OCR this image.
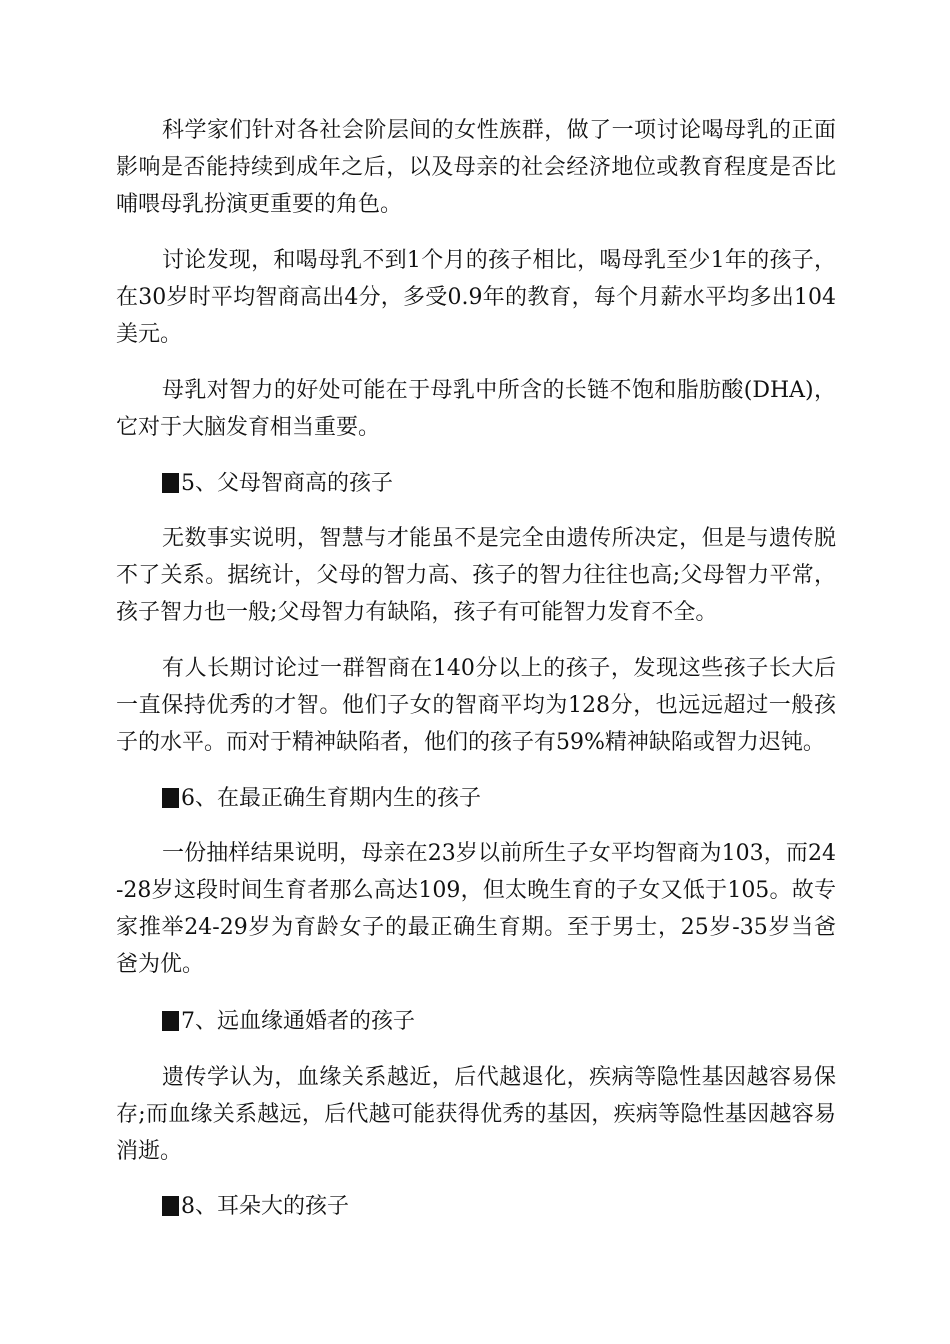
科学家们针对各社会阶层间的女性族群，做了一项讨论喝母乳的正面影响是否能持续到成年之后，以及母亲的社会经济地位或教育程度是否比哺喂母乳扮演更重要的角色。

讨论发现，和喝母乳不到1个月的孩子相比，喝母乳至少1年的孩子，在30岁时平均智商高出4分，多受0.9年的教育，每个月薪水平均多出104美元。

母乳对智力的好处可能在于母乳中所含的长链不饱和脂肪酸(DHA)，它对于大脑发育相当重要。

5、父母智商高的孩子

无数事实说明，智慧与才能虽不是完全由遗传所决定，但是与遗传脱不了关系。据统计，父母的智力高、孩子的智力往往也高;父母智力平常，孩子智力也一般;父母智力有缺陷，孩子有可能智力发育不全。

有人长期讨论过一群智商在140分以上的孩子，发现这些孩子长大后一直保持优秀的才智。他们子女的智商平均为128分，也远远超过一般孩子的水平。而对于精神缺陷者，他们的孩子有59%精神缺陷或智力迟钝。

6、在最正确生育期内生的孩子

一份抽样结果说明，母亲在23岁以前所生子女平均智商为103，而24-28岁这段时间生育者那么高达109，但太晚生育的子女又低于105。故专家推举24-29岁为育龄女子的最正确生育期。至于男士，25岁-35岁当爸爸为优。

7、远血缘通婚者的孩子

遗传学认为，血缘关系越近，后代越退化，疾病等隐性基因越容易保存;而血缘关系越远，后代越可能获得优秀的基因，疾病等隐性基因越容易消逝。

8、耳朵大的孩子
